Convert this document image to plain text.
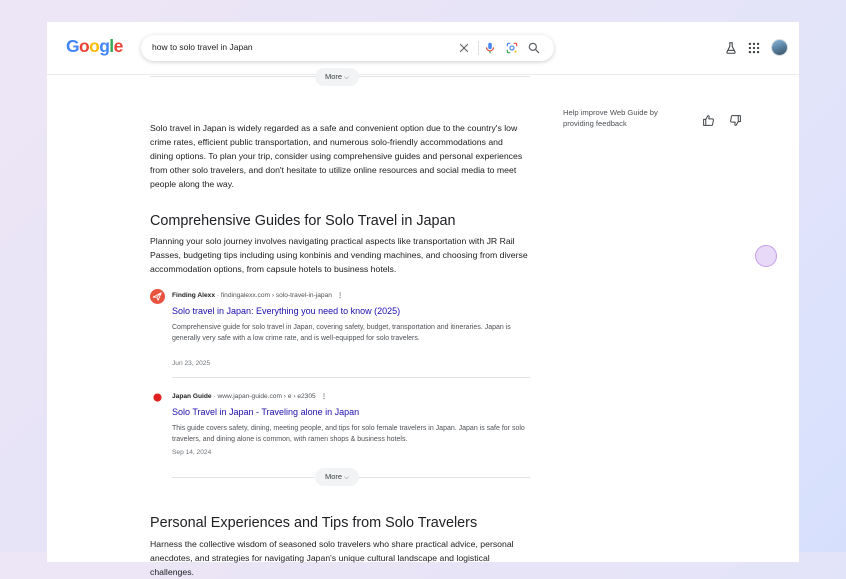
Google	how to solo travel in Japan
More ⌵
Solo travel in Japan is widely regarded as a safe and convenient option due to the country's low crime rates, efficient public transportation, and numerous solo-friendly accommodations and dining options. To plan your trip, consider using comprehensive guides and personal experiences from other solo travelers, and don't hesitate to utilize online resources and social media to meet people along the way.
Comprehensive Guides for Solo Travel in Japan
Planning your solo journey involves navigating practical aspects like transportation with JR Rail Passes, budgeting tips including using konbinis and vending machines, and choosing from diverse accommodation options, from capsule hotels to business hotels.
Finding Alexx · findingalexx.com › solo-travel-in-japan ⋮
Solo travel in Japan: Everything you need to know (2025)
Comprehensive guide for solo travel in Japan, covering safety, budget, transportation and itineraries. Japan is generally very safe with a low crime rate, and is well-equipped for solo travelers.
Jun 23, 2025
Japan Guide · www.japan-guide.com › e › e2305 ⋮
Solo Travel in Japan - Traveling alone in Japan
This guide covers safety, dining, meeting people, and tips for solo female travelers in Japan. Japan is safe for solo travelers, and dining alone is common, with ramen shops & business hotels.
Sep 14, 2024
More ⌵
Personal Experiences and Tips from Solo Travelers
Harness the collective wisdom of seasoned solo travelers who share practical advice, personal anecdotes, and strategies for navigating Japan's unique cultural landscape and logistical challenges.
Help improve Web Guide by providing feedback
